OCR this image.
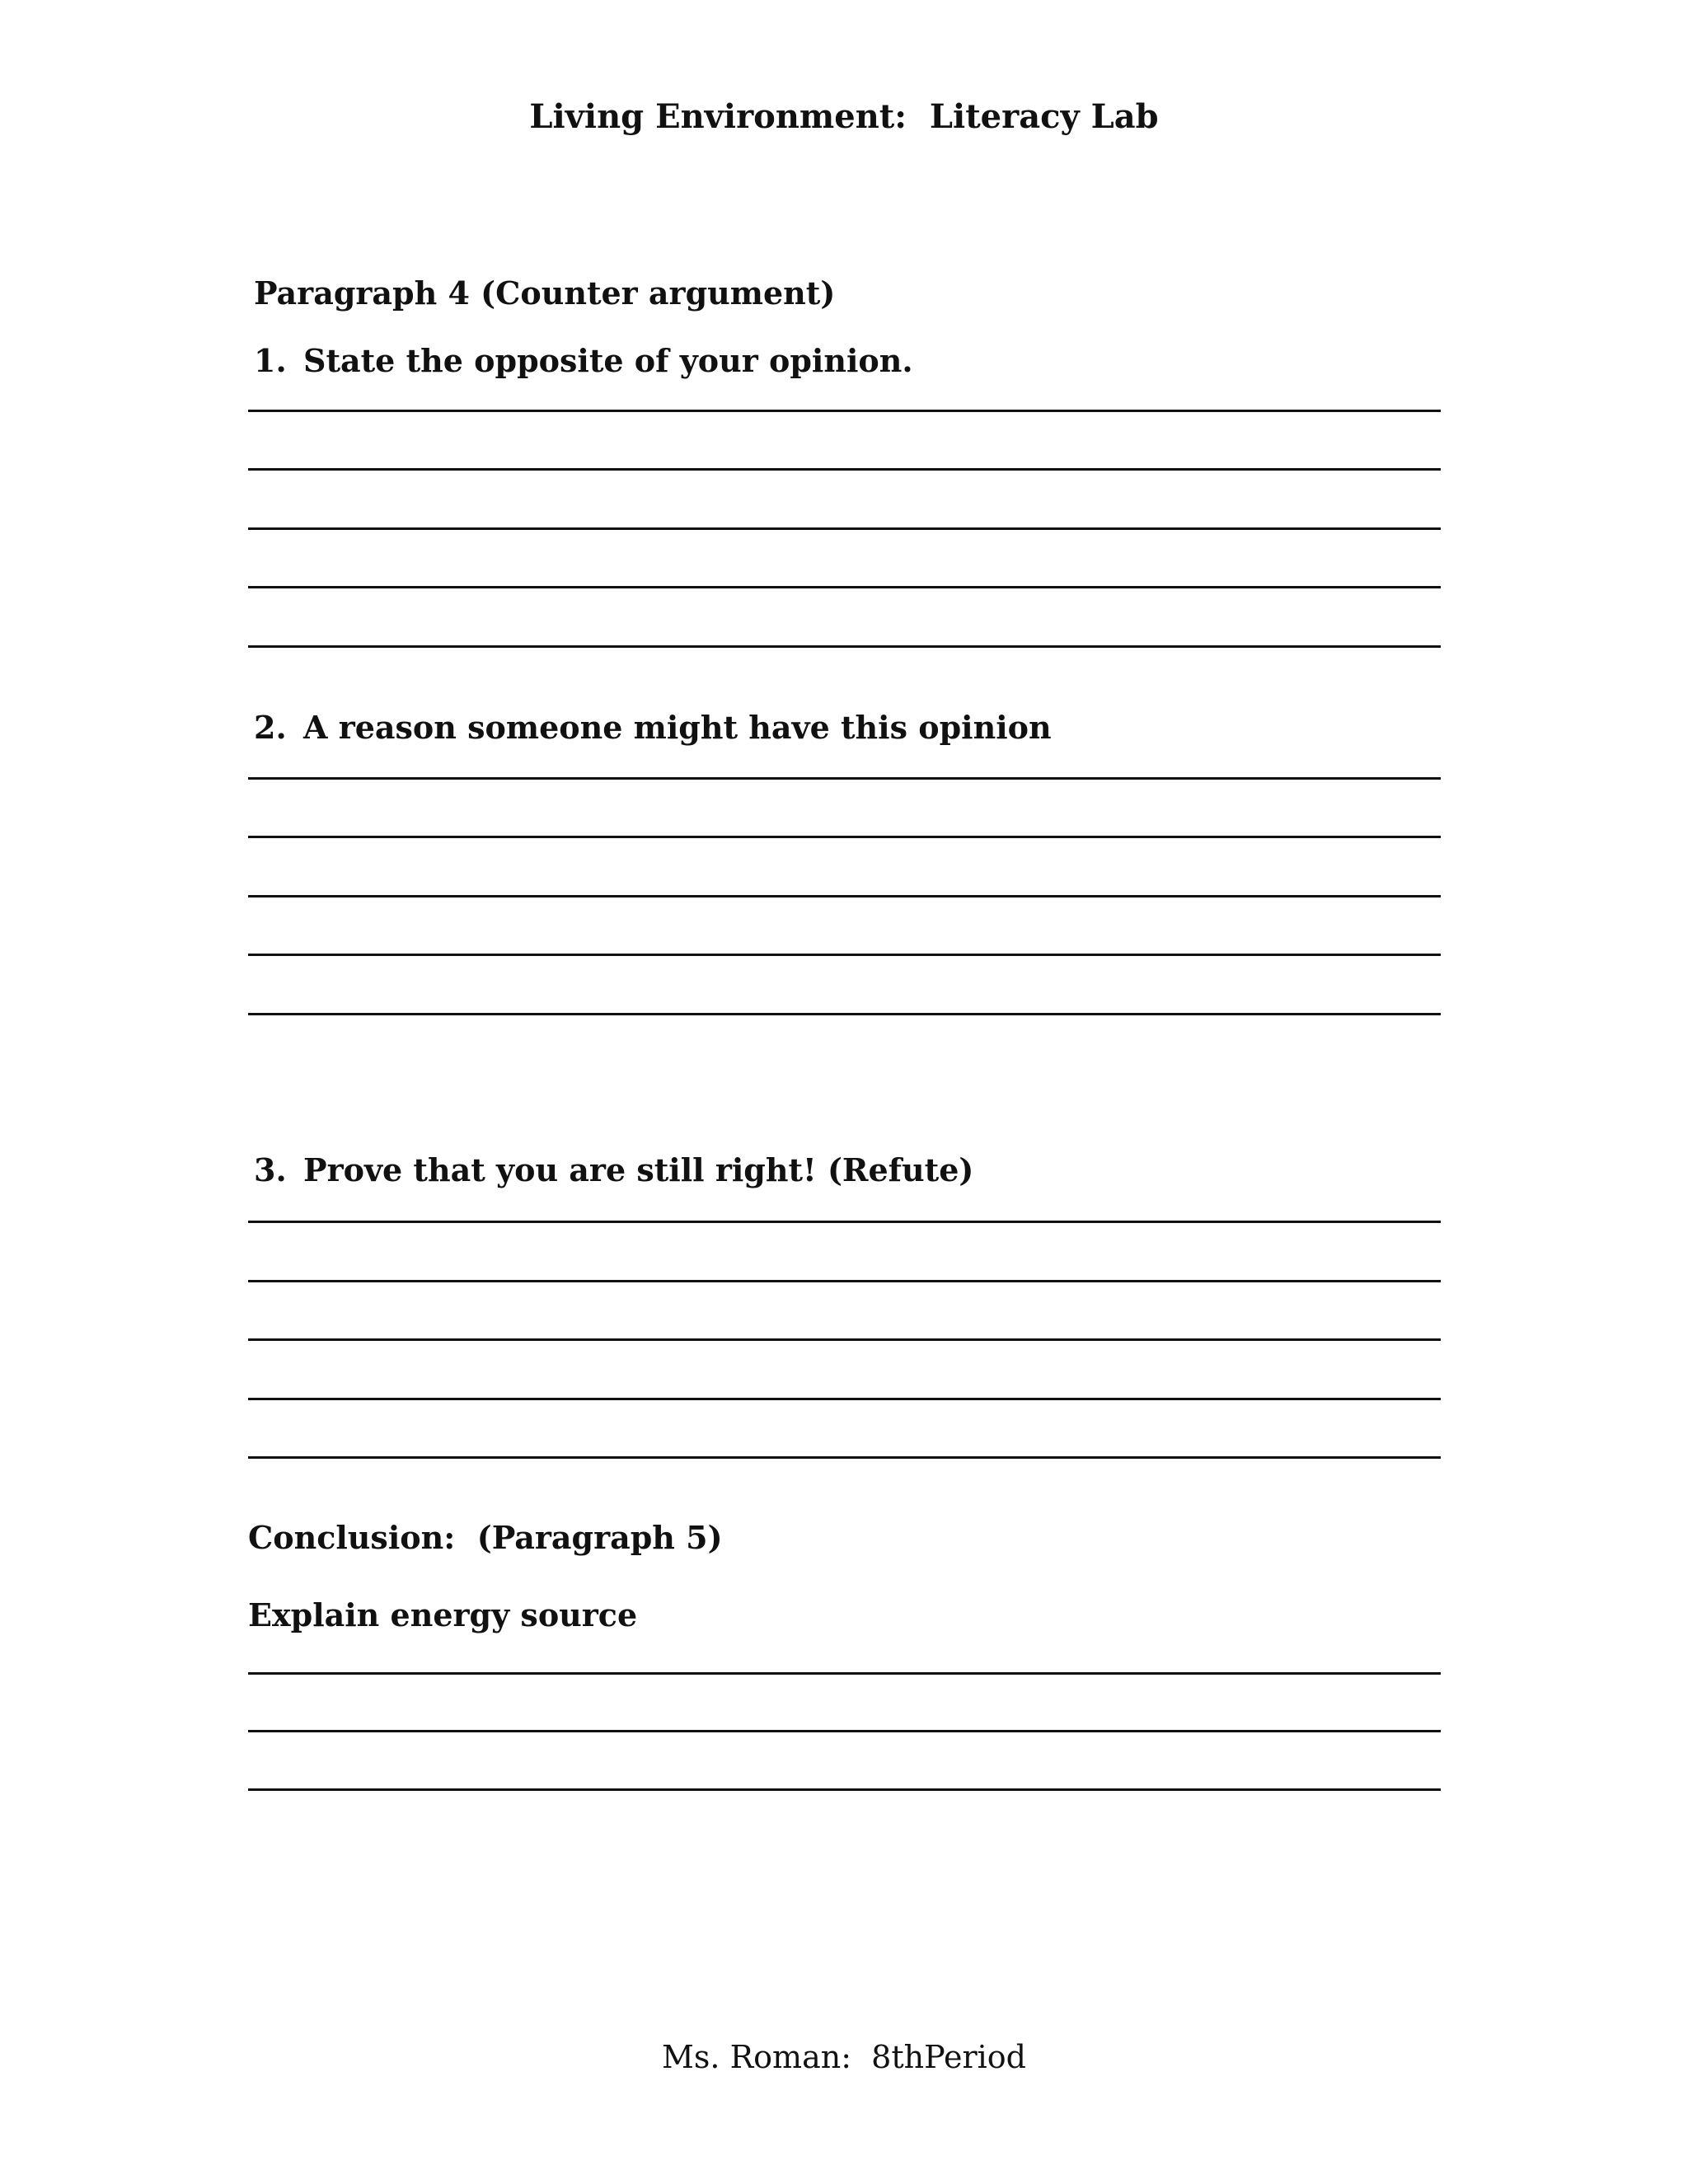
Living Environment:  Literacy Lab
Paragraph 4 (Counter argument)
1. State the opposite of your opinion.
2. A reason someone might have this opinion
3. Prove that you are still right! (Refute)
Conclusion:  (Paragraph 5)
Explain energy source
Ms. Roman:  8thPeriod
